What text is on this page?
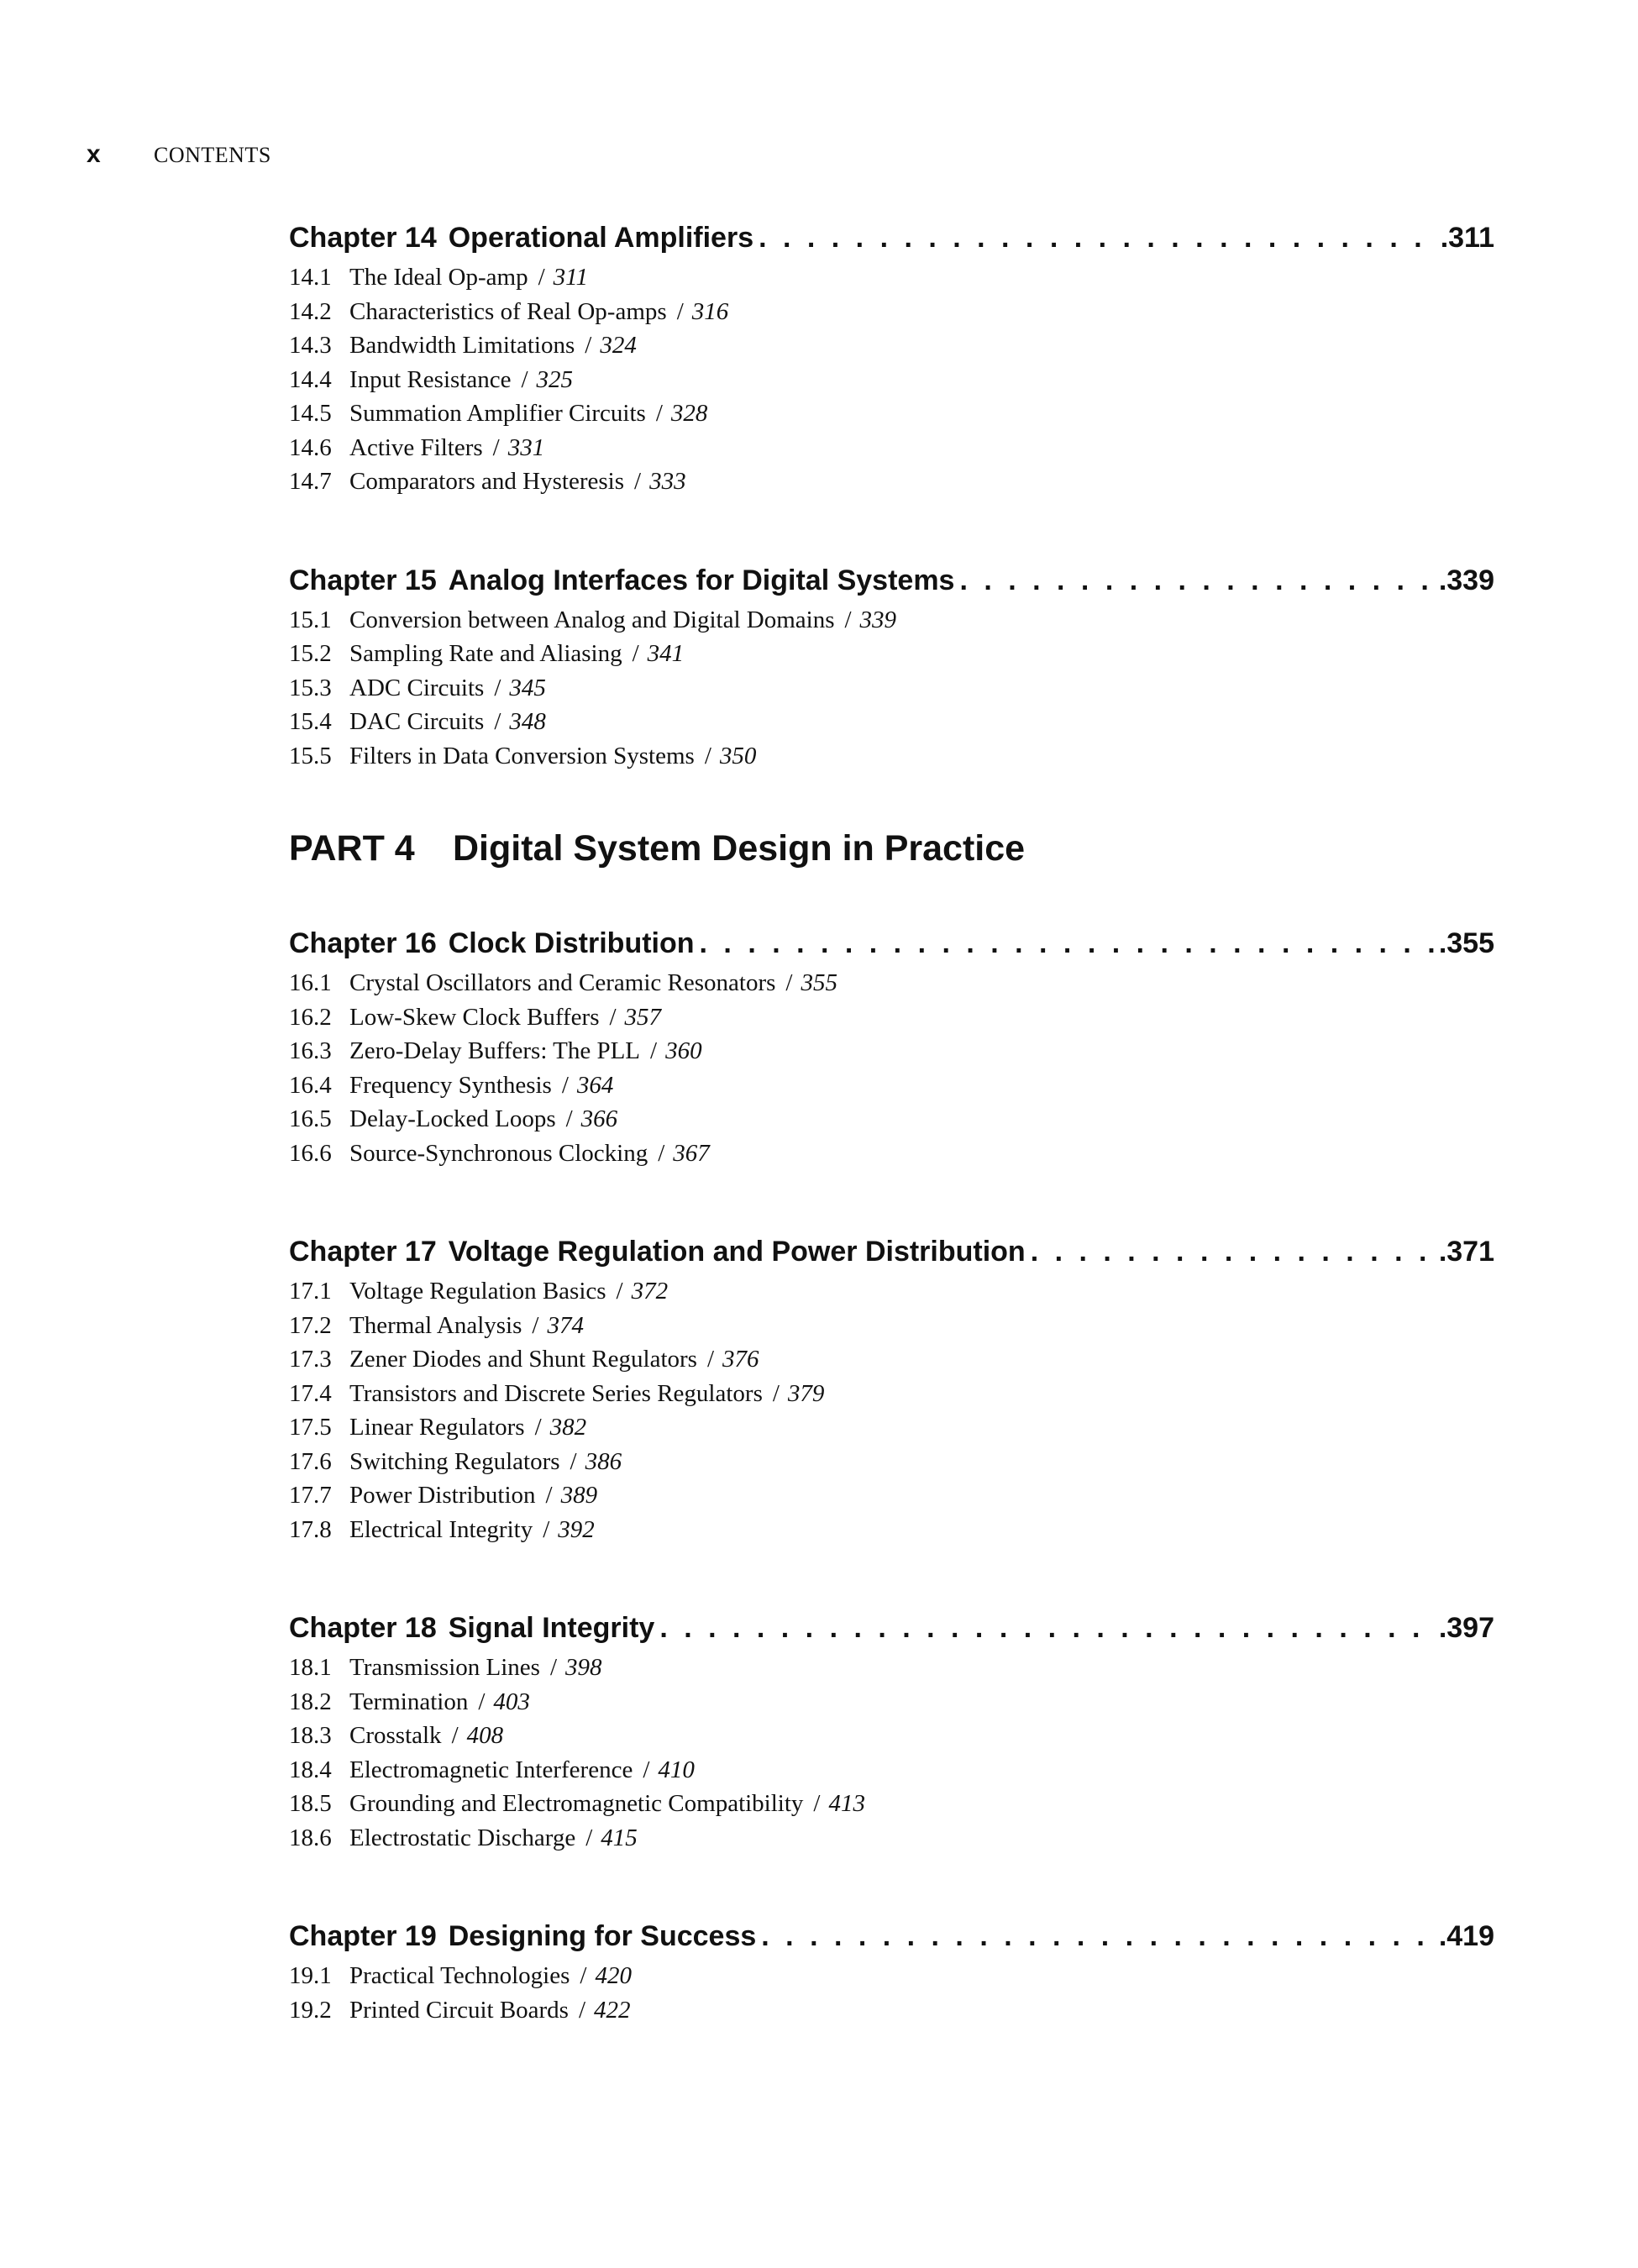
x	CONTENTS
Chapter 14 Operational Amplifiers . . .	.311
14.1 The Ideal Op-amp / 311
14.2 Characteristics of Real Op-amps / 316
14.3 Bandwidth Limitations / 324
14.4 Input Resistance / 325
14.5 Summation Amplifier Circuits / 328
14.6 Active Filters / 331
14.7 Comparators and Hysteresis / 333
Chapter 15 Analog Interfaces for Digital Systems . . .	.339
15.1 Conversion between Analog and Digital Domains / 339
15.2 Sampling Rate and Aliasing / 341
15.3 ADC Circuits / 345
15.4 DAC Circuits / 348
15.5 Filters in Data Conversion Systems / 350
PART 4 Digital System Design in Practice
Chapter 16 Clock Distribution . . .	.355
16.1 Crystal Oscillators and Ceramic Resonators / 355
16.2 Low-Skew Clock Buffers / 357
16.3 Zero-Delay Buffers: The PLL / 360
16.4 Frequency Synthesis / 364
16.5 Delay-Locked Loops / 366
16.6 Source-Synchronous Clocking / 367
Chapter 17 Voltage Regulation and Power Distribution . . .	.371
17.1 Voltage Regulation Basics / 372
17.2 Thermal Analysis / 374
17.3 Zener Diodes and Shunt Regulators / 376
17.4 Transistors and Discrete Series Regulators / 379
17.5 Linear Regulators / 382
17.6 Switching Regulators / 386
17.7 Power Distribution / 389
17.8 Electrical Integrity / 392
Chapter 18 Signal Integrity . . .	.397
18.1 Transmission Lines / 398
18.2 Termination / 403
18.3 Crosstalk / 408
18.4 Electromagnetic Interference / 410
18.5 Grounding and Electromagnetic Compatibility / 413
18.6 Electrostatic Discharge / 415
Chapter 19 Designing for Success . . .	.419
19.1 Practical Technologies / 420
19.2 Printed Circuit Boards / 422
